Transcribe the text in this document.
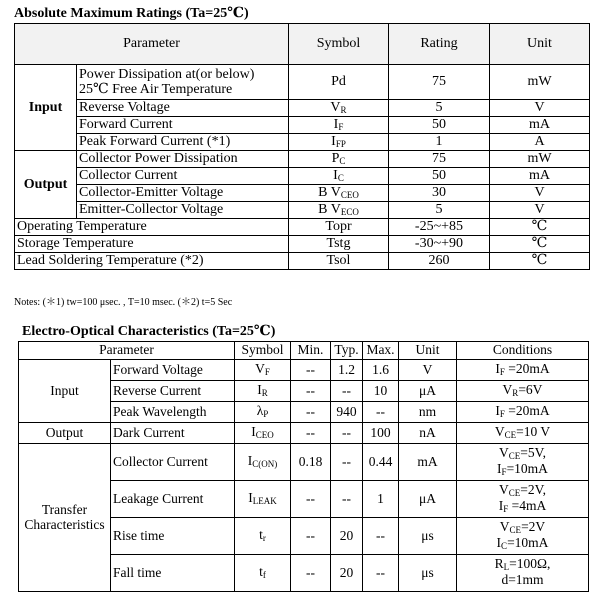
Absolute Maximum Ratings (Ta=25℃)
Parameter		Symbol	Rating	Unit
Input	Power Dissipation at(or below) 25℃ Free Air Temperature	Pd	75	mW
	Reverse Voltage	$V_R$	5	V
	Forward Current	$I_F$	50	mA
	Peak Forward Current (*1)	$I_{FP}$	1	A
Output	Collector Power Dissipation	$P_C$	75	mW
	Collector Current	$I_C$	50	mA
	Collector-Emitter Voltage	B $V_{CEO}$	30	V
	Emitter-Collector Voltage	B $V_{ECO}$	5	V
Operating Temperature		Topr	-25~+85	℃
Storage Temperature		Tstg	-30~+90	℃
Lead Soldering Temperature (*2)		Tsol	260	℃
Notes: (＊1) tw=100 μsec. , T=10 msec. (＊2) t=5 Sec
Electro-Optical Characteristics (Ta=25℃)
Parameter		Symbol	Min.	Typ.	Max.	Unit	Conditions
Input	Forward Voltage	$V_F$	--	1.2	1.6	V	$I_F =20mA$
	Reverse Current	$I_R$	--	--	10	μA	$V_R=6V$
	Peak Wavelength	$\lambda_P$	--	940	--	nm	$I_F =20mA$
Output	Dark Current	$I_{CEO}$	--	--	100	nA	$V_{CE}=10$ V
Transfer Characteristics	Collector Current	$I_{C(ON)}$	0.18	--	0.44	mA	$V_{CE}=5V$,
$I_F=10mA$
	Leakage Current	$I_{LEAK}$	--	--	1	μA	$V_{CE}=2V$,
$I_F =4mA$
	Rise time	$t_r$	--	20	--	μs	$V_{CE}=2V$
$I_C=10mA$
	Fall time	$t_f$	--	20	--	μs	$R_L=100\Omega$,
d=1mm
